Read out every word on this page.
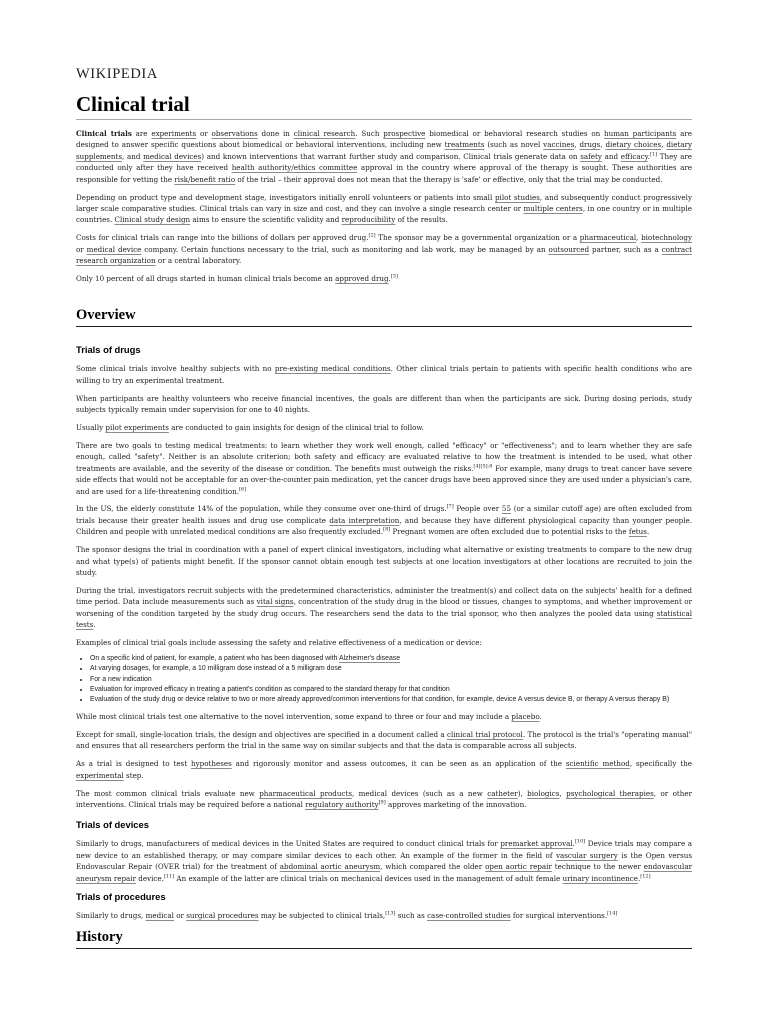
WIKIPEDIA
Clinical trial

Clinical trials are experiments or observations done in clinical research. Such prospective biomedical or behavioral research studies on human participants are designed to answer specific questions about biomedical or behavioral interventions, including new treatments (such as novel vaccines, drugs, dietary choices, dietary supplements, and medical devices) and known interventions that warrant further study and comparison. Clinical trials generate data on safety and efficacy.[1] They are conducted only after they have received health authority/ethics committee approval in the country where approval of the therapy is sought. These authorities are responsible for vetting the risk/benefit ratio of the trial – their approval does not mean that the therapy is 'safe' or effective, only that the trial may be conducted.

Depending on product type and development stage, investigators initially enroll volunteers or patients into small pilot studies, and subsequently conduct progressively larger scale comparative studies. Clinical trials can vary in size and cost, and they can involve a single research center or multiple centers, in one country or in multiple countries. Clinical study design aims to ensure the scientific validity and reproducibility of the results.

Costs for clinical trials can range into the billions of dollars per approved drug.[2] The sponsor may be a governmental organization or a pharmaceutical, biotechnology or medical device company. Certain functions necessary to the trial, such as monitoring and lab work, may be managed by an outsourced partner, such as a contract research organization or a central laboratory.

Only 10 percent of all drugs started in human clinical trials become an approved drug.[3]

Overview
Trials of drugs

Some clinical trials involve healthy subjects with no pre-existing medical conditions. Other clinical trials pertain to patients with specific health conditions who are willing to try an experimental treatment.

When participants are healthy volunteers who receive financial incentives, the goals are different than when the participants are sick. During dosing periods, study subjects typically remain under supervision for one to 40 nights.

Usually pilot experiments are conducted to gain insights for design of the clinical trial to follow.

There are two goals to testing medical treatments: to learn whether they work well enough, called "efficacy" or "effectiveness"; and to learn whether they are safe enough, called "safety". Neither is an absolute criterion; both safety and efficacy are evaluated relative to how the treatment is intended to be used, what other treatments are available, and the severity of the disease or condition. The benefits must outweigh the risks.$^{[4][5]:8}$ For example, many drugs to treat cancer have severe side effects that would not be acceptable for an over-the-counter pain medication, yet the cancer drugs have been approved since they are used under a physician's care, and are used for a life-threatening condition.[6]

In the US, the elderly constitute 14% of the population, while they consume over one-third of drugs.[7] People over 55 (or a similar cutoff age) are often excluded from trials because their greater health issues and drug use complicate data interpretation, and because they have different physiological capacity than younger people. Children and people with unrelated medical conditions are also frequently excluded.[8] Pregnant women are often excluded due to potential risks to the fetus.

The sponsor designs the trial in coordination with a panel of expert clinical investigators, including what alternative or existing treatments to compare to the new drug and what type(s) of patients might benefit. If the sponsor cannot obtain enough test subjects at one location investigators at other locations are recruited to join the study.

During the trial, investigators recruit subjects with the predetermined characteristics, administer the treatment(s) and collect data on the subjects' health for a defined time period. Data include measurements such as vital signs, concentration of the study drug in the blood or tissues, changes to symptoms, and whether improvement or worsening of the condition targeted by the study drug occurs. The researchers send the data to the trial sponsor, who then analyzes the pooled data using statistical tests.

Examples of clinical trial goals include assessing the safety and relative effectiveness of a medication or device:

• On a specific kind of patient, for example, a patient who has been diagnosed with Alzheimer's disease
• At varying dosages, for example, a 10 milligram dose instead of a 5 milligram dose
• For a new indication
• Evaluation for improved efficacy in treating a patient's condition as compared to the standard therapy for that condition
• Evaluation of the study drug or device relative to two or more already approved/common interventions for that condition, for example, device A versus device B, or therapy A versus therapy B)

While most clinical trials test one alternative to the novel intervention, some expand to three or four and may include a placebo.

Except for small, single-location trials, the design and objectives are specified in a document called a clinical trial protocol. The protocol is the trial's "operating manual" and ensures that all researchers perform the trial in the same way on similar subjects and that the data is comparable across all subjects.

As a trial is designed to test hypotheses and rigorously monitor and assess outcomes, it can be seen as an application of the scientific method, specifically the experimental step.

The most common clinical trials evaluate new pharmaceutical products, medical devices (such as a new catheter), biologics, psychological therapies, or other interventions. Clinical trials may be required before a national regulatory authority[9] approves marketing of the innovation.

Trials of devices

Similarly to drugs, manufacturers of medical devices in the United States are required to conduct clinical trials for premarket approval.[10] Device trials may compare a new device to an established therapy, or may compare similar devices to each other. An example of the former in the field of vascular surgery is the Open versus Endovascular Repair (OVER trial) for the treatment of abdominal aortic aneurysm, which compared the older open aortic repair technique to the newer endovascular aneurysm repair device.[11] An example of the latter are clinical trials on mechanical devices used in the management of adult female urinary incontinence.[12]

Trials of procedures

Similarly to drugs, medical or surgical procedures may be subjected to clinical trials,[13] such as case-controlled studies for surgical interventions.[14]

History
